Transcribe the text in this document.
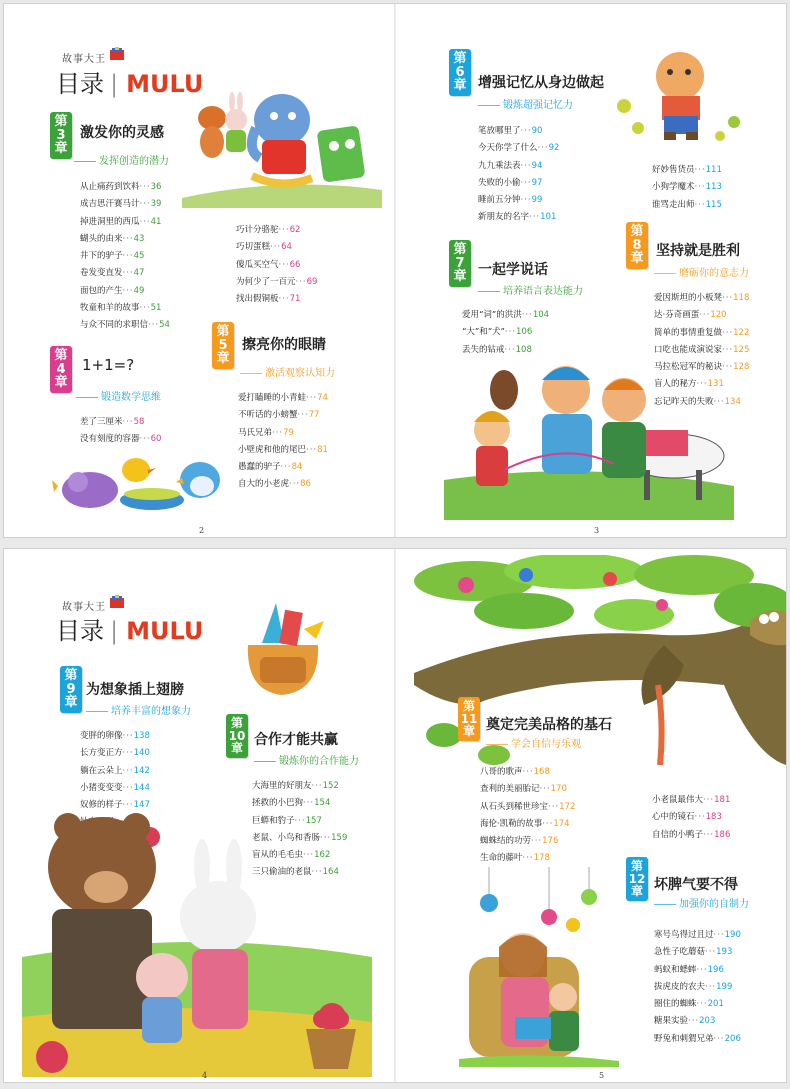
故事大王
目录 | MULU
第
3
章
激发你的灵感
发挥创造的潜力
从止痛药到饮料···36
成吉思汗赛马计···39
掉进洞里的西瓜···41
蝴头的由来···43
井下的驴子···45
卷发变直发···47
面包的产生···49
牧童和羊的故事···51
与众不同的求职信···54
巧计分骆驼···62
巧切蛋糕···64
傻瓜买空气···66
为何少了一百元···69
找出假铜板···71
第
4
章
1+1=?
锻造数学思维
差了三厘米···58
没有刻度的容器···60
第
5
章
擦亮你的眼睛
激活观察认知力
爱打瞌睡的小青蛙···74
不听话的小螃蟹···77
马氏兄弟···79
小壁虎和他的尾巴···81
愚蠢的驴子···84
自大的小老虎···86
2
第
6
章 增强记忆从身边做起
锻炼超强记忆力
笔放哪里了···90
今天你学了什么···92
九九乘法表···94
失败的小偷···97
睡前五分钟···99
新朋友的名字···101
第
7
章 一起学说话
培养语言表达能力
爱用“词”的洪洪···104
“大”和“犬”···106
丢失的钻戒···108
好妙售货员···111
小狗学魔术···113
谁骂走出师···115
第
8
章 坚持就是胜利
磨砺你的意志力
爱因斯坦的小板凳···118
达·芬奇画蛋···120
简单的事情重复做···122
口吃也能成演说家···125
马拉松冠军的秘诀···128
盲人的秘方···131
忘记昨天的失败···134
3
故事大王
目录 | MULU
第
9
章
为想象插上翅膀
培养丰富的想象力
变胖的卵像···138
长方变正方···140
躺在云朵上···142
小猪变变变···144
奴修的样子···147
第
10
章
合作才能共赢
锻炼你的合作能力
大海里的好朋友···152
拯救的小巴狗···154
巨蟒和豹子···157
老鼠、小鸟和香肠···159
盲从的毛毛虫···162
三只偷油的老鼠···164
4
第
11
章 奠定完美品格的基石
学会自信与乐观
八哥的歌声···168
查利的美丽胎记···170
从石头到稀世珍宝···172
海伦·凯勒的故事···174
蜘蛛结的功劳···176
生命的藤叶···178
小老鼠最伟大···181
心中的镜石···183
自信的小鸭子···186
第
12
章 坏脾气要不得
加强你的自制力
寒号鸟得过且过···190
急性子吃蘑菇···193
蚂蚁和蟋蟀···196
拔虎皮的农夫···199
圈住的蜘蛛···201
糖果实验···203
野兔和刺猬兄弟···206
5
